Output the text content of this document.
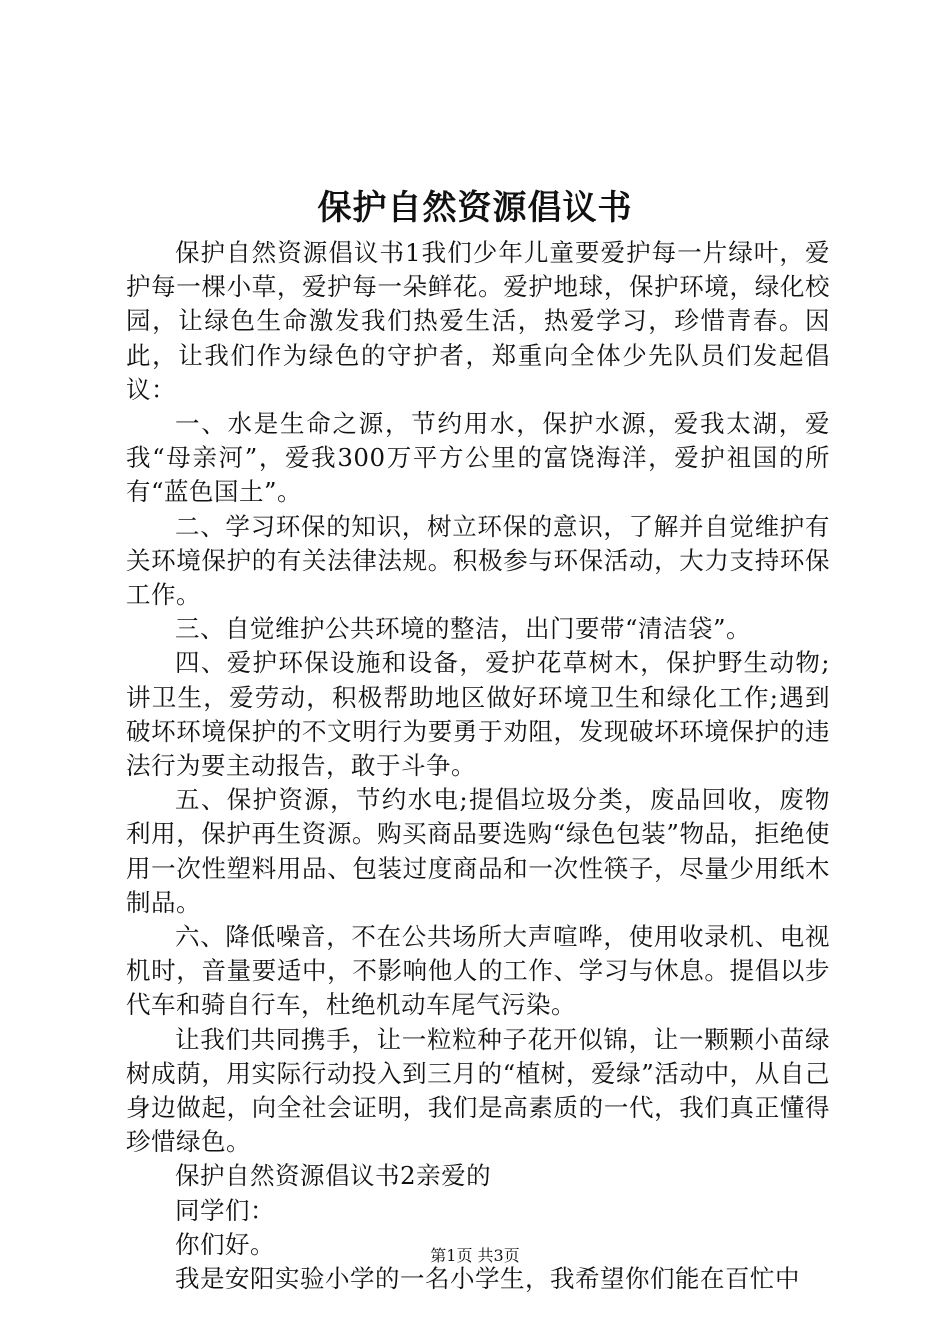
保护自然资源倡议书

保护自然资源倡议书1我们少年儿童要爱护每一片绿叶，爱护每一棵小草，爱护每一朵鲜花。爱护地球，保护环境，绿化校园，让绿色生命激发我们热爱生活，热爱学习，珍惜青春。因此，让我们作为绿色的守护者，郑重向全体少先队员们发起倡议：

一、水是生命之源，节约用水，保护水源，爱我太湖，爱我“母亲河”，爱我300万平方公里的富饶海洋，爱护祖国的所有“蓝色国土”。

二、学习环保的知识，树立环保的意识，了解并自觉维护有关环境保护的有关法律法规。积极参与环保活动，大力支持环保工作。

三、自觉维护公共环境的整洁，出门要带“清洁袋”。

四、爱护环保设施和设备，爱护花草树木，保护野生动物;讲卫生，爱劳动，积极帮助地区做好环境卫生和绿化工作;遇到破坏环境保护的不文明行为要勇于劝阻，发现破坏环境保护的违法行为要主动报告，敢于斗争。

五、保护资源，节约水电;提倡垃圾分类，废品回收，废物利用，保护再生资源。购买商品要选购“绿色包装”物品，拒绝使用一次性塑料用品、包装过度商品和一次性筷子，尽量少用纸木制品。

六、降低噪音，不在公共场所大声喧哗，使用收录机、电视机时，音量要适中，不影响他人的工作、学习与休息。提倡以步代车和骑自行车，杜绝机动车尾气污染。

让我们共同携手，让一粒粒种子花开似锦，让一颗颗小苗绿树成荫，用实际行动投入到三月的“植树，爱绿”活动中，从自己身边做起，向全社会证明，我们是高素质的一代，我们真正懂得珍惜绿色。

保护自然资源倡议书2亲爱的

同学们：

你们好。

我是安阳实验小学的一名小学生，我希望你们能在百忙中

第1页 共3页
